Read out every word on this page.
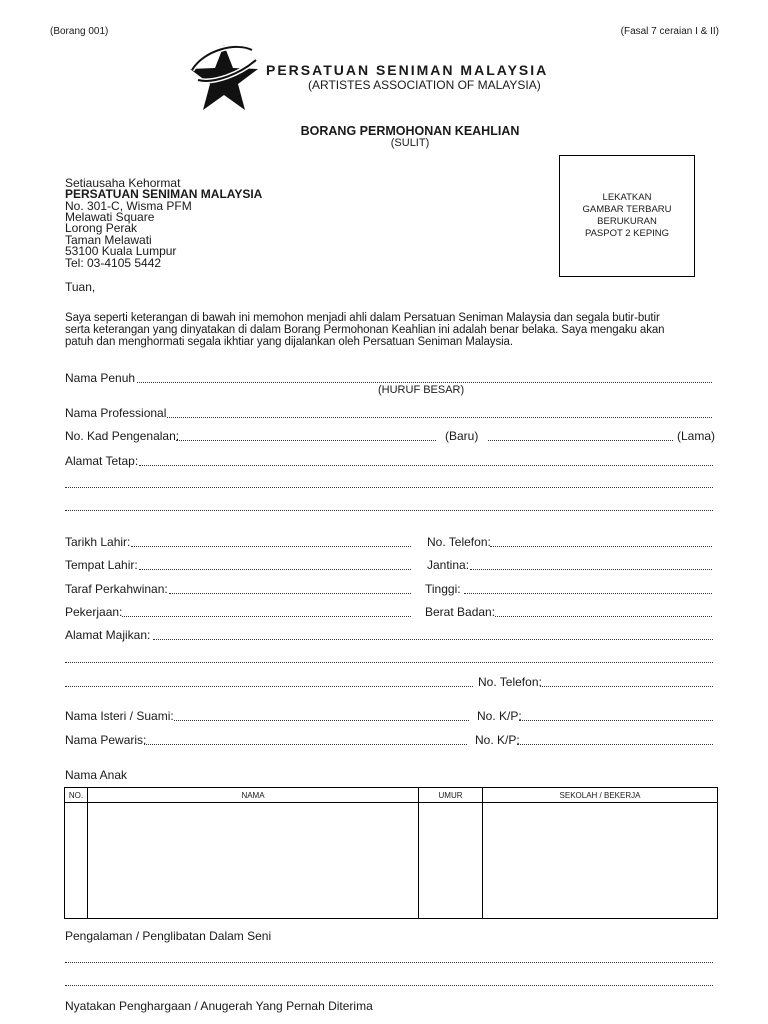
(Borang 001)	(Fasal 7 ceraian I & II)
PERSATUAN SENIMAN MALAYSIA
(ARTISTES ASSOCIATION OF MALAYSIA)
BORANG PERMOHONAN KEAHLIAN
(SULIT)
Setiausaha Kehormat
PERSATUAN SENIMAN MALAYSIA
No. 301-C, Wisma PFM
Melawati Square
Lorong Perak
Taman Melawati
53100 Kuala Lumpur
Tel: 03-4105 5442
LEKATKAN
GAMBAR TERBARU
BERUKURAN
PASPOT 2 KEPING
Tuan,
Saya seperti keterangan di bawah ini memohon menjadi ahli dalam Persatuan Seniman Malaysia dan segala butir-butir
serta keterangan yang dinyatakan di dalam Borang Permohonan Keahlian ini adalah benar belaka. Saya mengaku akan
patuh dan menghormati segala ikhtiar yang dijalankan oleh Persatuan Seniman Malaysia.
Nama Penuh
(HURUF BESAR)
Nama Professional
No. Kad Pengenalan:	(Baru)	(Lama)
Alamat Tetap:
Tarikh Lahir:	No. Telefon:
Tempat Lahir:	Jantina:
Taraf Perkahwinan:	Tinggi:
Pekerjaan:	Berat Badan:
Alamat Majikan:
No. Telefon:
Nama Isteri / Suami:	No. K/P:
Nama Pewaris:	No. K/P:
Nama Anak
NO.	NAMA	UMUR	SEKOLAH / BEKERJA

Pengalaman / Penglibatan Dalam Seni
Nyatakan Penghargaan / Anugerah Yang Pernah Diterima
